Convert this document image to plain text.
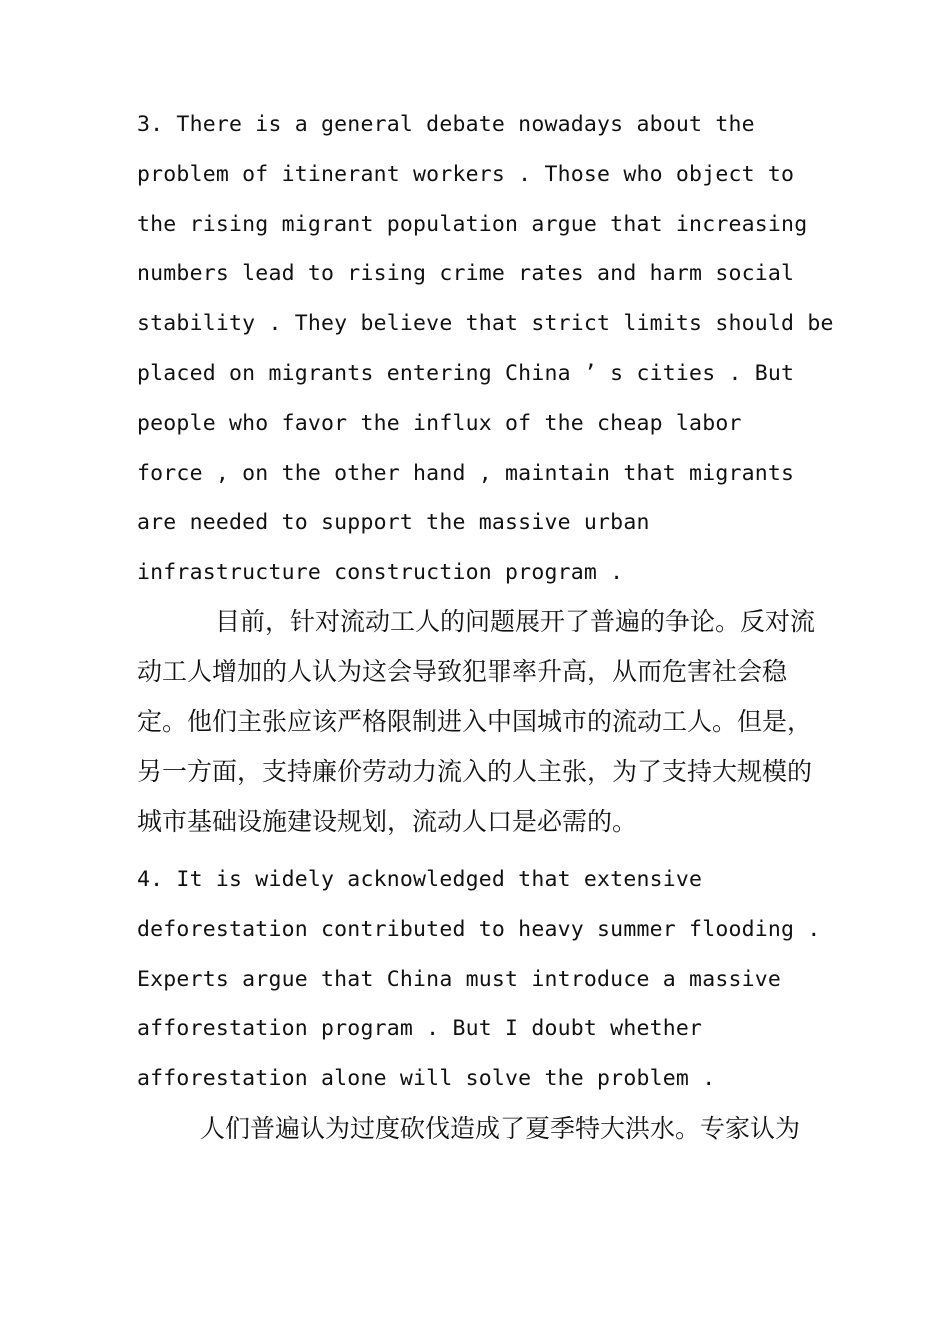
3. There is a general debate nowadays about the
problem of itinerant workers . Those who object to
the rising migrant population argue that increasing
numbers lead to rising crime rates and harm social
stability . They believe that strict limits should be
placed on migrants entering China ’ s cities . But
people who favor the influx of the cheap labor
force , on the other hand , maintain that migrants
are needed to support the massive urban
infrastructure construction program .
目前，针对流动工人的问题展开了普遍的争论。反对流
动工人增加的人认为这会导致犯罪率升高，从而危害社会稳
定。他们主张应该严格限制进入中国城市的流动工人。但是，
另一方面，支持廉价劳动力流入的人主张，为了支持大规模的
城市基础设施建设规划，流动人口是必需的。
4. It is widely acknowledged that extensive
deforestation contributed to heavy summer flooding .
Experts argue that China must introduce a massive
afforestation program . But I doubt whether
afforestation alone will solve the problem .
人们普遍认为过度砍伐造成了夏季特大洪水。专家认为
